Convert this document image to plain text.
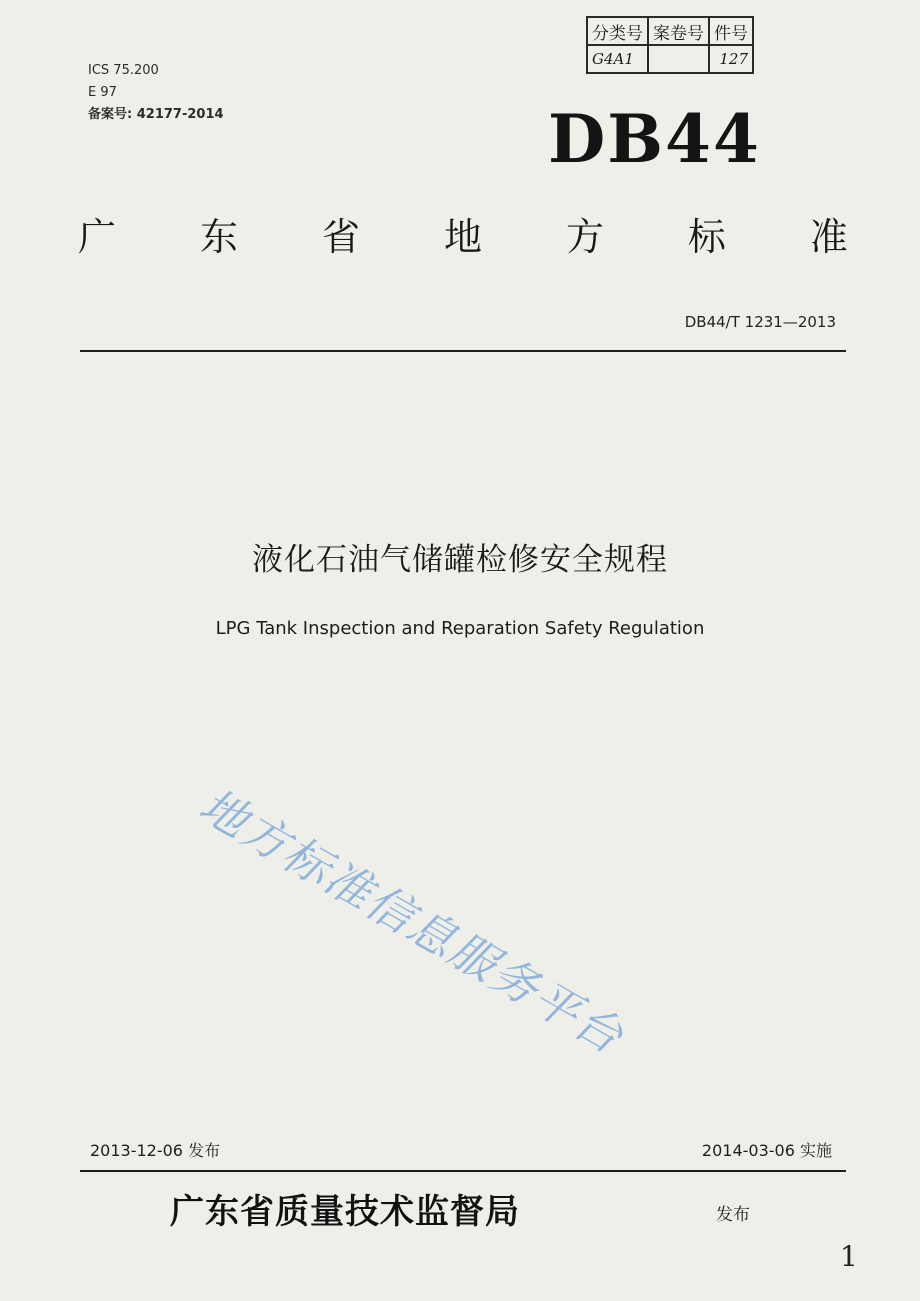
分类号	案卷号	件号
G4A1		127
ICS 75.200
E 97
备案号: 42177-2014	DB44
广 东 省 地 方 标 准
DB44/T 1231—2013
液化石油气储罐检修安全规程
LPG Tank Inspection and Reparation Safety Regulation
地方标准信息服务平台
2013-12-06 发布	2014-03-06 实施
广东省质量技术监督局	发布
1
